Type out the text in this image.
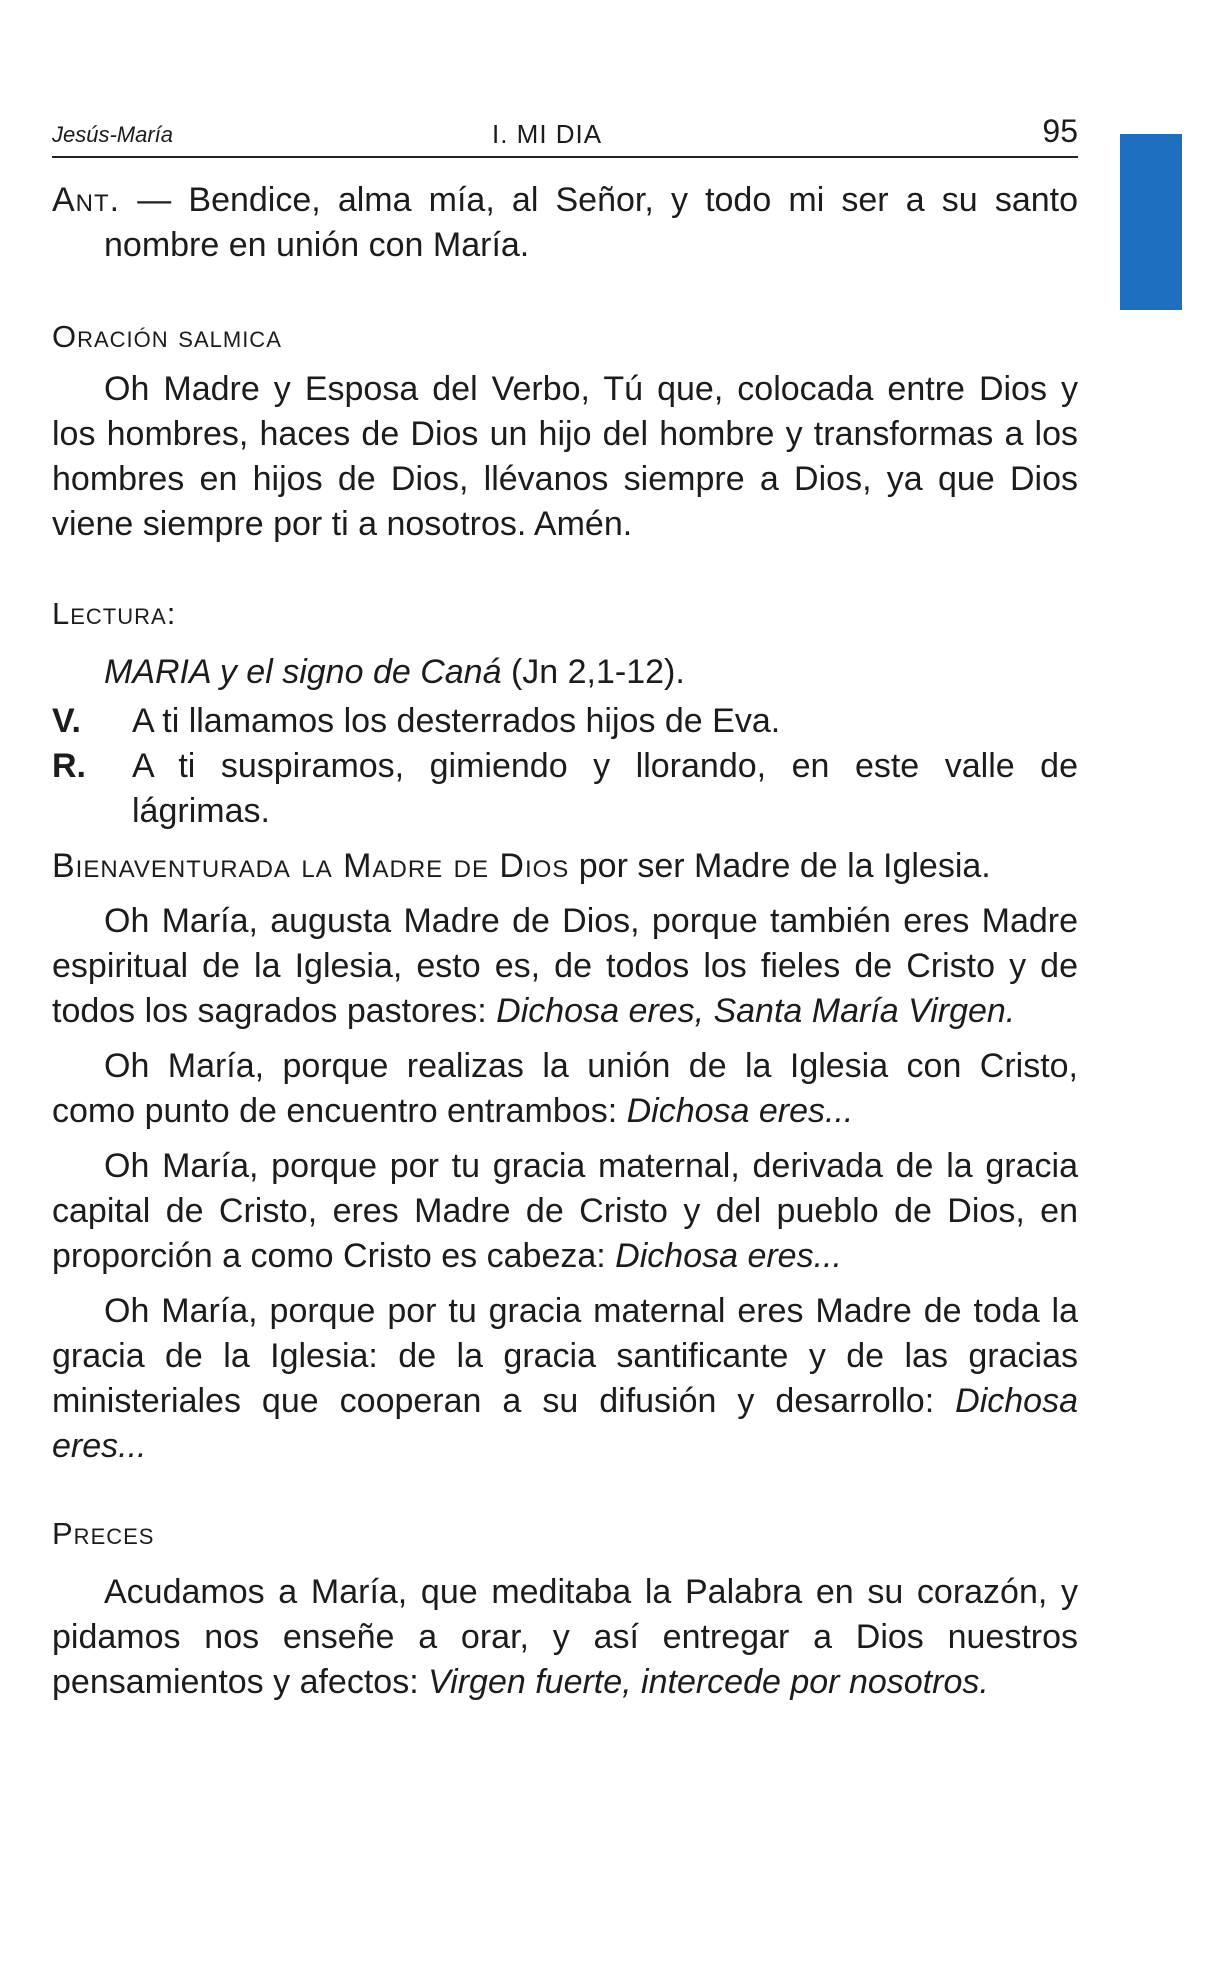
Jesús-María	I. MI DIA	95

Ant. — Bendice, alma mía, al Señor, y todo mi ser a su santo nombre en unión con María.

Oración salmica

Oh Madre y Esposa del Verbo, Tú que, colocada entre Dios y los hombres, haces de Dios un hijo del hombre y transformas a los hombres en hijos de Dios, llévanos siempre a Dios, ya que Dios viene siempre por ti a nosotros. Amén.

Lectura:

MARIA y el signo de Caná (Jn 2,1-12).

V. A ti llamamos los desterrados hijos de Eva.

R. A ti suspiramos, gimiendo y llorando, en este valle de lágrimas.

Bienaventurada la Madre de Dios por ser Madre de la Iglesia.

Oh María, augusta Madre de Dios, porque también eres Madre espiritual de la Iglesia, esto es, de todos los fieles de Cristo y de todos los sagrados pastores: Dichosa eres, Santa María Virgen.

Oh María, porque realizas la unión de la Iglesia con Cristo, como punto de encuentro entrambos: Dichosa eres...

Oh María, porque por tu gracia maternal, derivada de la gracia capital de Cristo, eres Madre de Cristo y del pueblo de Dios, en proporción a como Cristo es cabeza: Dichosa eres...

Oh María, porque por tu gracia maternal eres Madre de toda la gracia de la Iglesia: de la gracia santificante y de las gracias ministeriales que cooperan a su difusión y desarrollo: Dichosa eres...

Preces

Acudamos a María, que meditaba la Palabra en su corazón, y pidamos nos enseñe a orar, y así entregar a Dios nuestros pensamientos y afectos: Virgen fuerte, intercede por nosotros.
